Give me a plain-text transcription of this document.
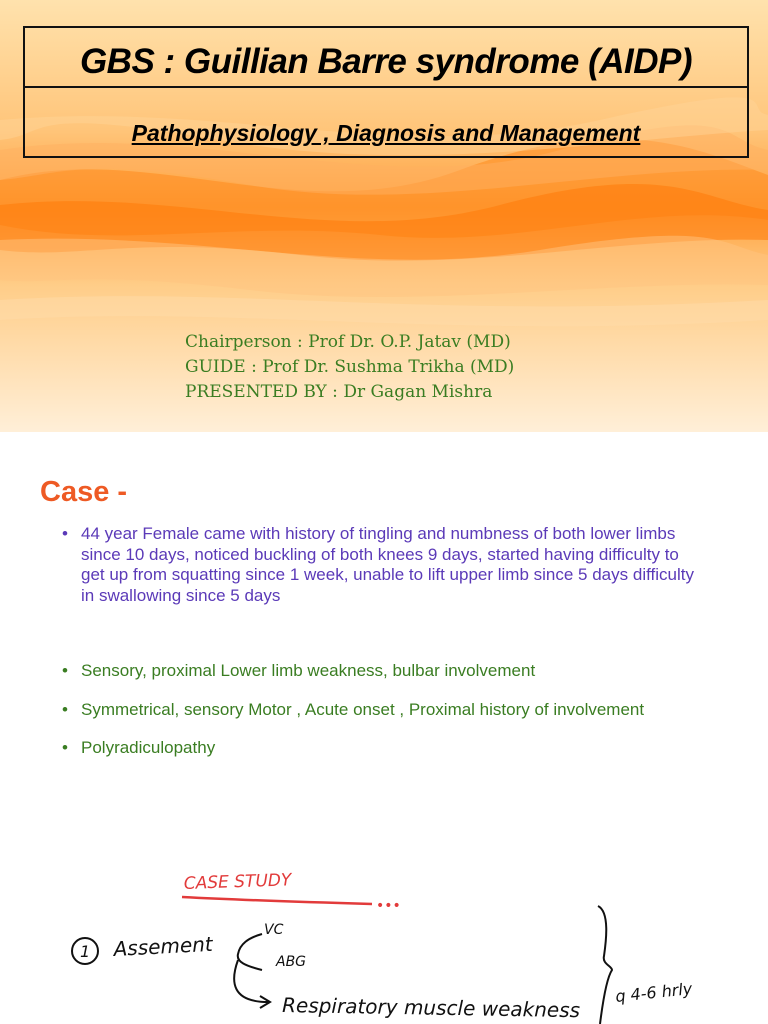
GBS : Guillian Barre syndrome (AIDP)
Pathophysiology , Diagnosis and Management
Chairperson : Prof Dr. O.P. Jatav (MD)
GUIDE : Prof Dr. Sushma Trikha (MD)
PRESENTED BY : Dr Gagan Mishra
Case -
• 44 year Female came with history of tingling and numbness of both lower limbs since 10 days, noticed buckling of both knees 9 days, started having difficulty to get up from squatting since 1 week, unable to lift upper limb since 5 days difficulty in swallowing since 5 days
• Sensory, proximal Lower limb weakness, bulbar involvement
• Symmetrical, sensory Motor , Acute onset , Proximal history of involvement
• Polyradiculopathy
CASE STUDY
•••
1 Assement
VC
ABG
Respiratory muscle weakness
q 4-6 hrly
